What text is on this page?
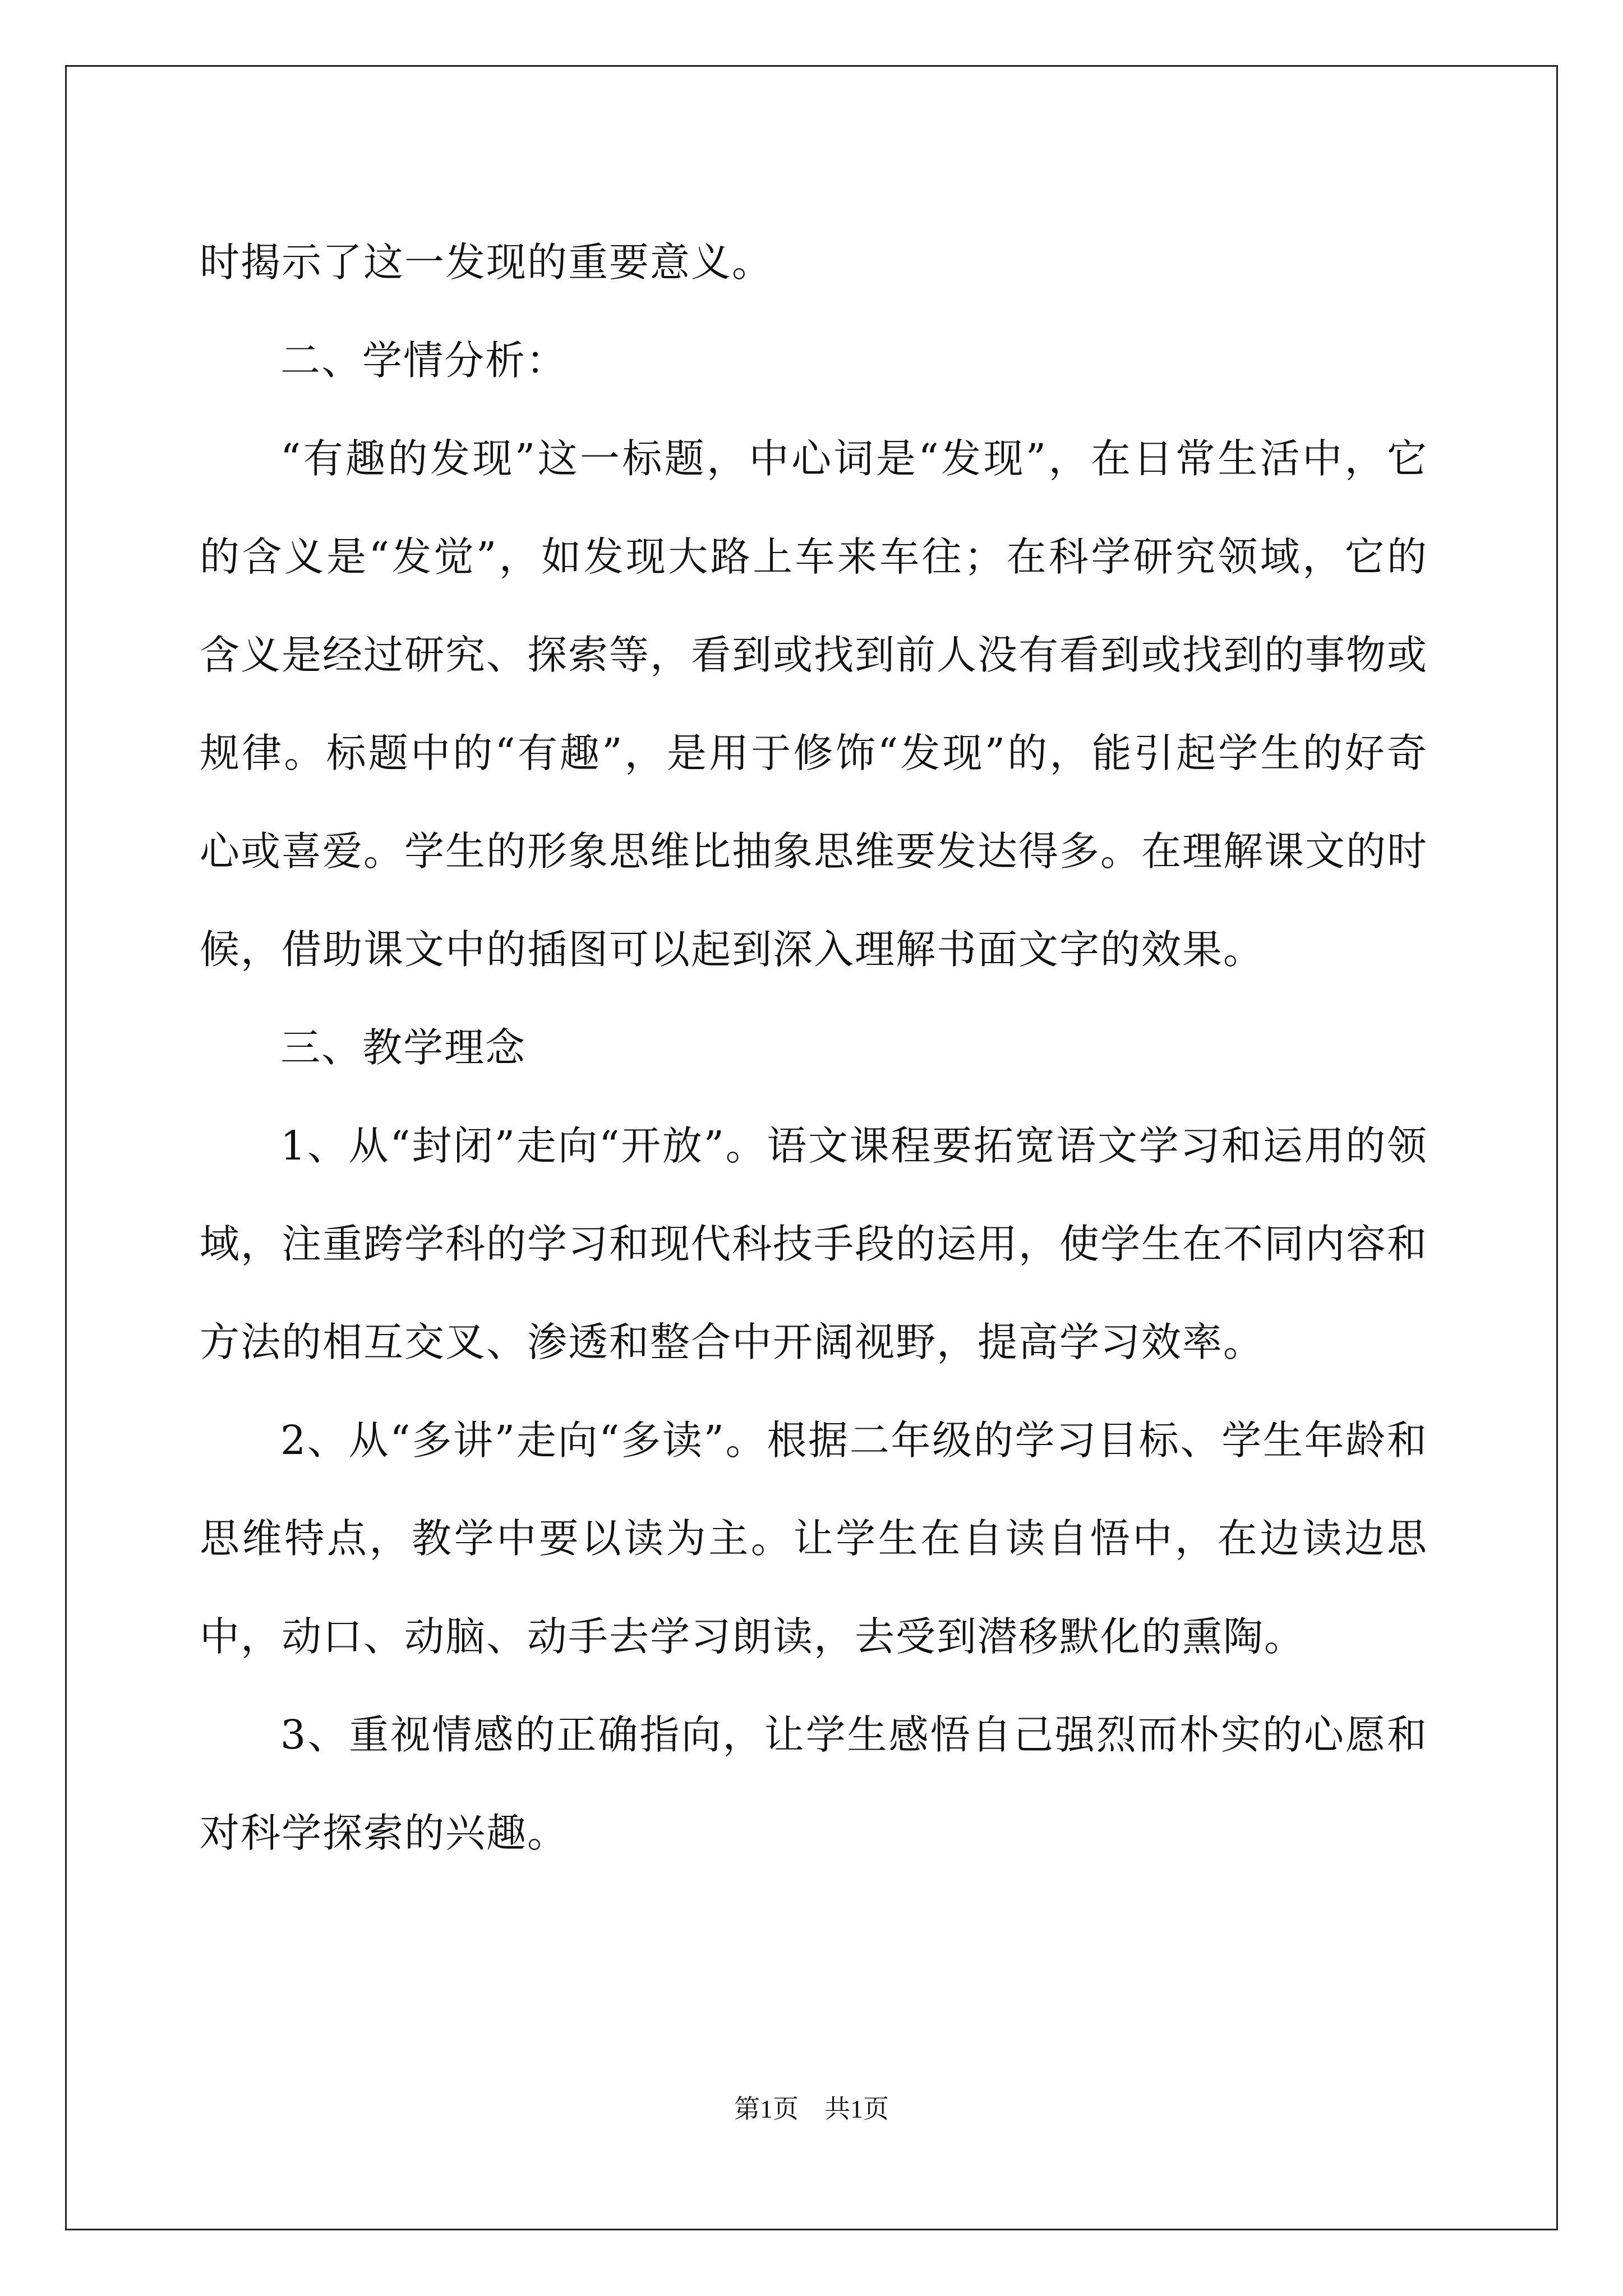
时揭示了这一发现的重要意义。

二、学情分析：

“有趣的发现”这一标题，中心词是“发现”，在日常生活中，它的含义是“发觉”，如发现大路上车来车往；在科学研究领域，它的含义是经过研究、探索等，看到或找到前人没有看到或找到的事物或规律。标题中的“有趣”，是用于修饰“发现”的，能引起学生的好奇心或喜爱。学生的形象思维比抽象思维要发达得多。在理解课文的时候，借助课文中的插图可以起到深入理解书面文字的效果。

三、教学理念

1、从“封闭”走向“开放”。语文课程要拓宽语文学习和运用的领域，注重跨学科的学习和现代科技手段的运用，使学生在不同内容和方法的相互交叉、渗透和整合中开阔视野，提高学习效率。

2、从“多讲”走向“多读”。根据二年级的学习目标、学生年龄和思维特点，教学中要以读为主。让学生在自读自悟中，在边读边思中，动口、动脑、动手去学习朗读，去受到潜移默化的熏陶。

3、重视情感的正确指向，让学生感悟自己强烈而朴实的心愿和对科学探索的兴趣。

第1页　共1页
